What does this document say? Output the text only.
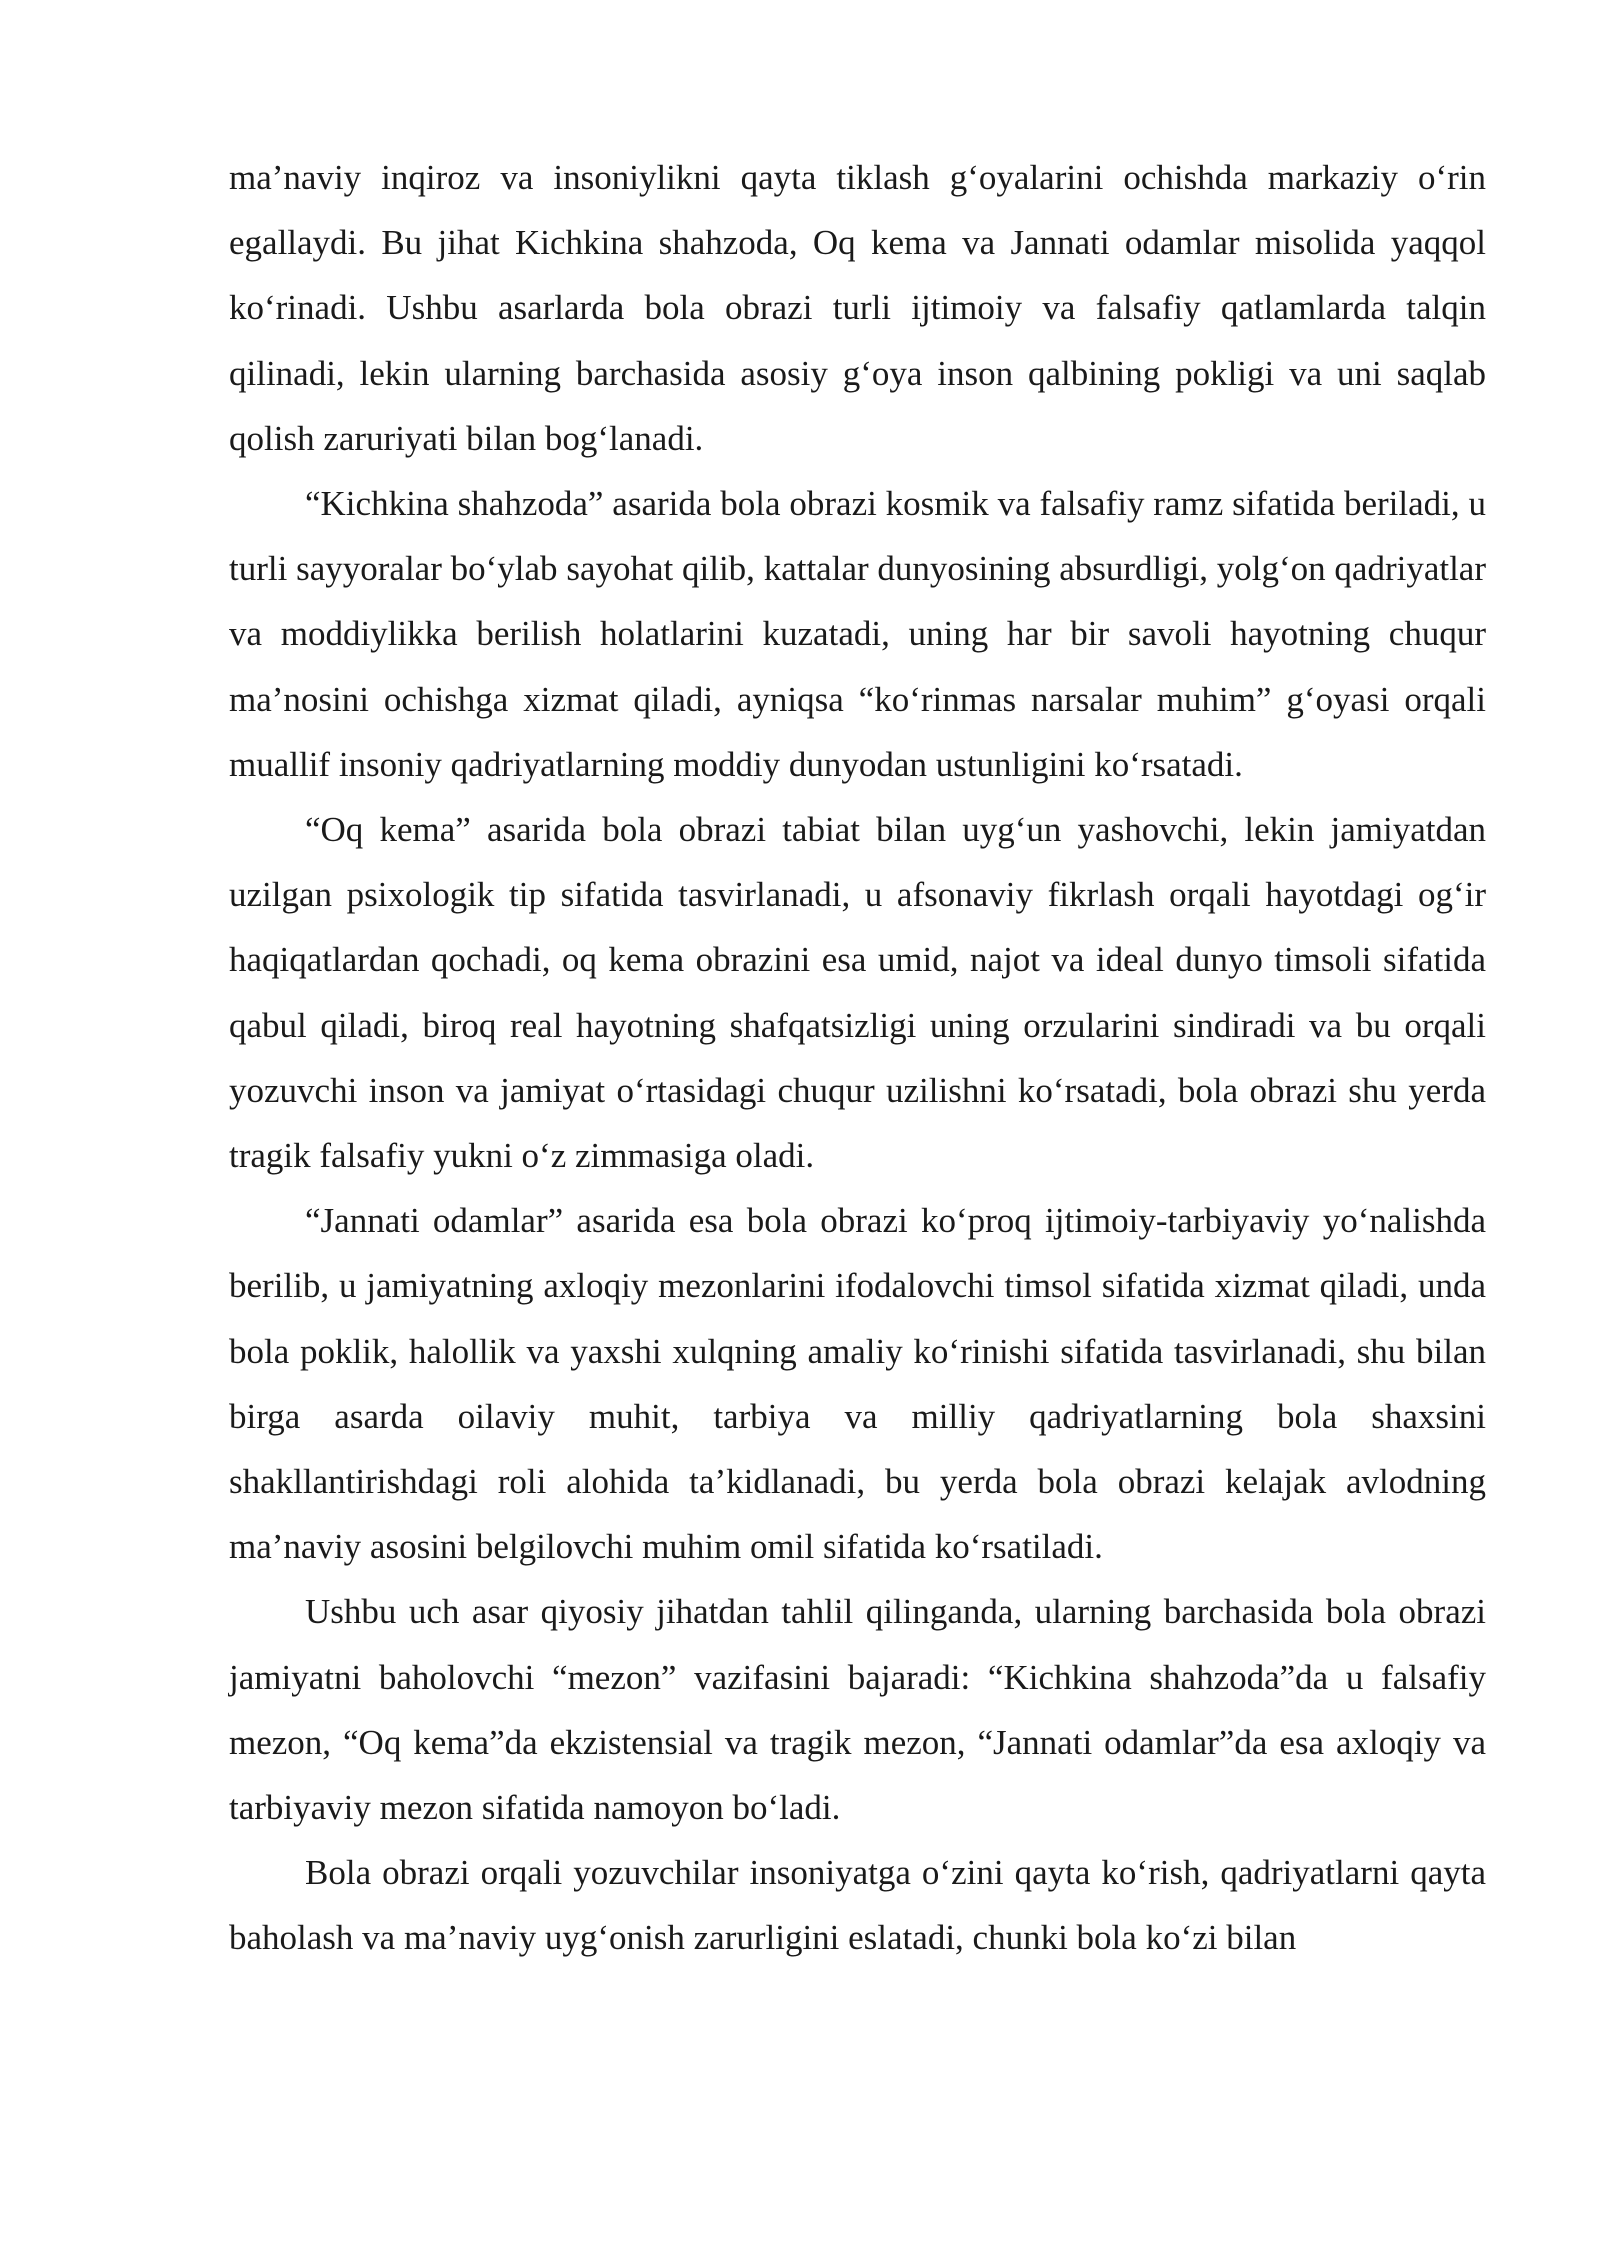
ma’naviy inqiroz va insoniylikni qayta tiklash g‘oyalarini ochishda markaziy o‘rin egallaydi. Bu jihat Kichkina shahzoda, Oq kema va Jannati odamlar misolida yaqqol ko‘rinadi. Ushbu asarlarda bola obrazi turli ijtimoiy va falsafiy qatlamlarda talqin qilinadi, lekin ularning barchasida asosiy g‘oya inson qalbining pokligi va uni saqlab qolish zaruriyati bilan bog‘lanadi.

“Kichkina shahzoda” asarida bola obrazi kosmik va falsafiy ramz sifatida beriladi, u turli sayyoralar bo‘ylab sayohat qilib, kattalar dunyosining absurdligi, yolg‘on qadriyatlar va moddiylikka berilish holatlarini kuzatadi, uning har bir savoli hayotning chuqur ma’nosini ochishga xizmat qiladi, ayniqsa “ko‘rinmas narsalar muhim” g‘oyasi orqali muallif insoniy qadriyatlarning moddiy dunyodan ustunligini ko‘rsatadi.

“Oq kema” asarida bola obrazi tabiat bilan uyg‘un yashovchi, lekin jamiyatdan uzilgan psixologik tip sifatida tasvirlanadi, u afsonaviy fikrlash orqali hayotdagi og‘ir haqiqatlardan qochadi, oq kema obrazini esa umid, najot va ideal dunyo timsoli sifatida qabul qiladi, biroq real hayotning shafqatsizligi uning orzularini sindiradi va bu orqali yozuvchi inson va jamiyat o‘rtasidagi chuqur uzilishni ko‘rsatadi, bola obrazi shu yerda tragik falsafiy yukni o‘z zimmasiga oladi.

“Jannati odamlar” asarida esa bola obrazi ko‘proq ijtimoiy-tarbiyaviy yo‘nalishda berilib, u jamiyatning axloqiy mezonlarini ifodalovchi timsol sifatida xizmat qiladi, unda bola poklik, halollik va yaxshi xulqning amaliy ko‘rinishi sifatida tasvirlanadi, shu bilan birga asarda oilaviy muhit, tarbiya va milliy qadriyatlarning bola shaxsini shakllantirishdagi roli alohida ta’kidlanadi, bu yerda bola obrazi kelajak avlodning ma’naviy asosini belgilovchi muhim omil sifatida ko‘rsatiladi.

Ushbu uch asar qiyosiy jihatdan tahlil qilinganda, ularning barchasida bola obrazi jamiyatni baholovchi “mezon” vazifasini bajaradi: “Kichkina shahzoda”da u falsafiy mezon, “Oq kema”da ekzistensial va tragik mezon, “Jannati odamlar”da esa axloqiy va tarbiyaviy mezon sifatida namoyon bo‘ladi.

Bola obrazi orqali yozuvchilar insoniyatga o‘zini qayta ko‘rish, qadriyatlarni qayta baholash va ma’naviy uyg‘onish zarurligini eslatadi, chunki bola ko‘zi bilan
